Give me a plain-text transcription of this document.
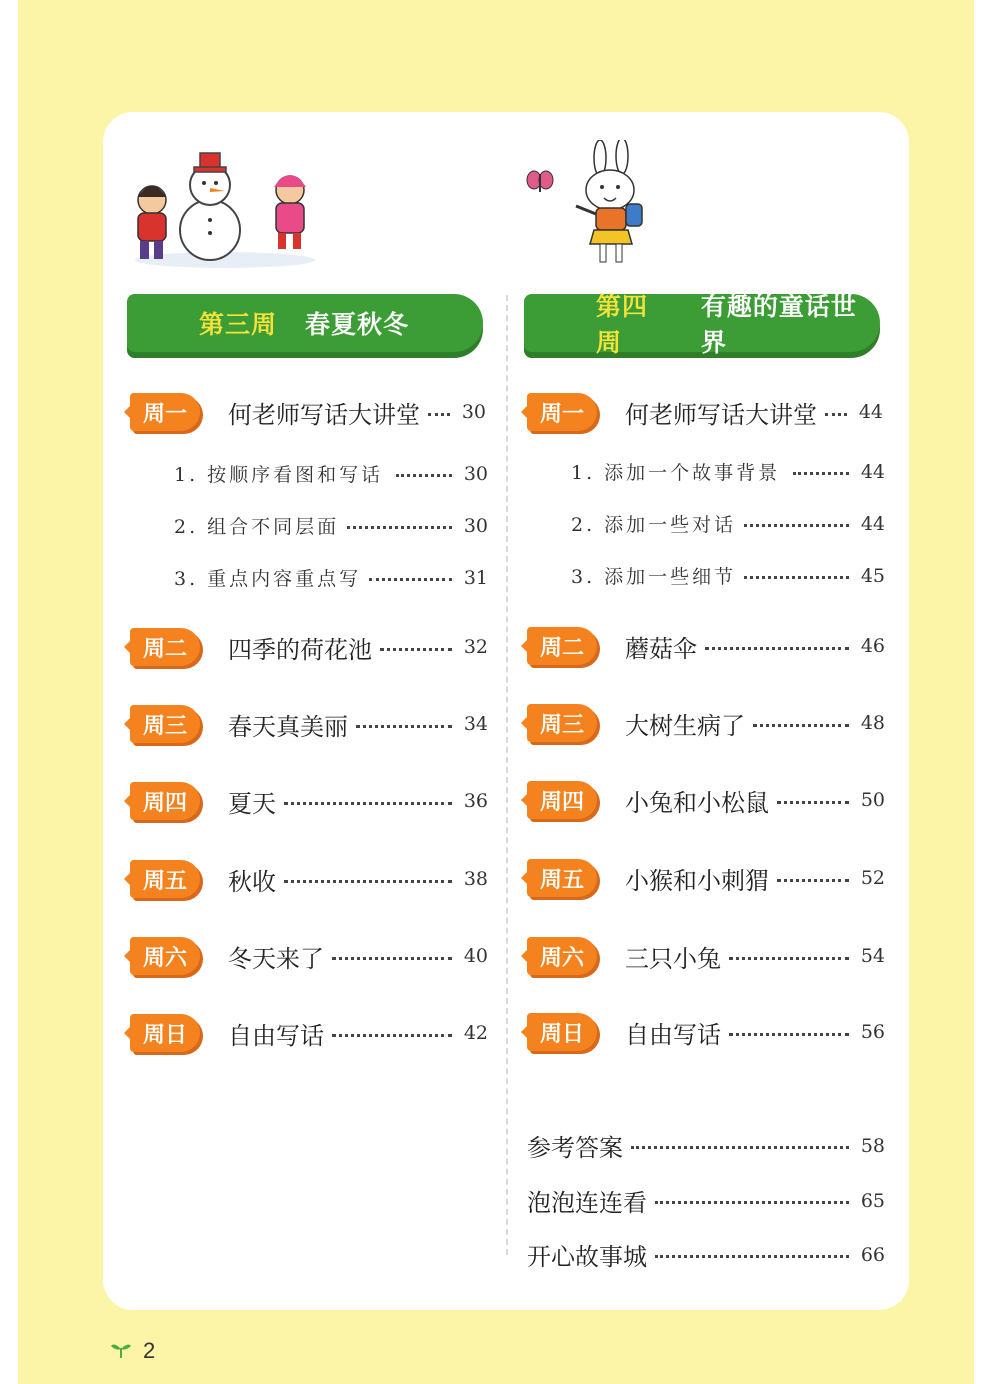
第三周 春夏秋冬
第四周
有趣的童话世界
周一	何老师写话大讲堂 30
1. 按顺序看图和写话	30
2. 组合不同层面	30
3. 重点内容重点写	31
周二	四季的荷花池	32
周三	春天真美丽	34
周四	夏天	36
周五	秋收	38
周六	冬天来了	40
周日	自由写话	42
周一	何老师写话大讲堂 44
1. 添加一个故事背景	44
2. 添加一些对话	44
3. 添加一些细节	45
周二	蘑菇伞	46
周三	大树生病了	48
周四	小兔和小松鼠	50
周五	小猴和小刺猬	52
周六	三只小兔	54
周日	自由写话	56
参考答案	58
泡泡连连看	65
开心故事城	66
2
